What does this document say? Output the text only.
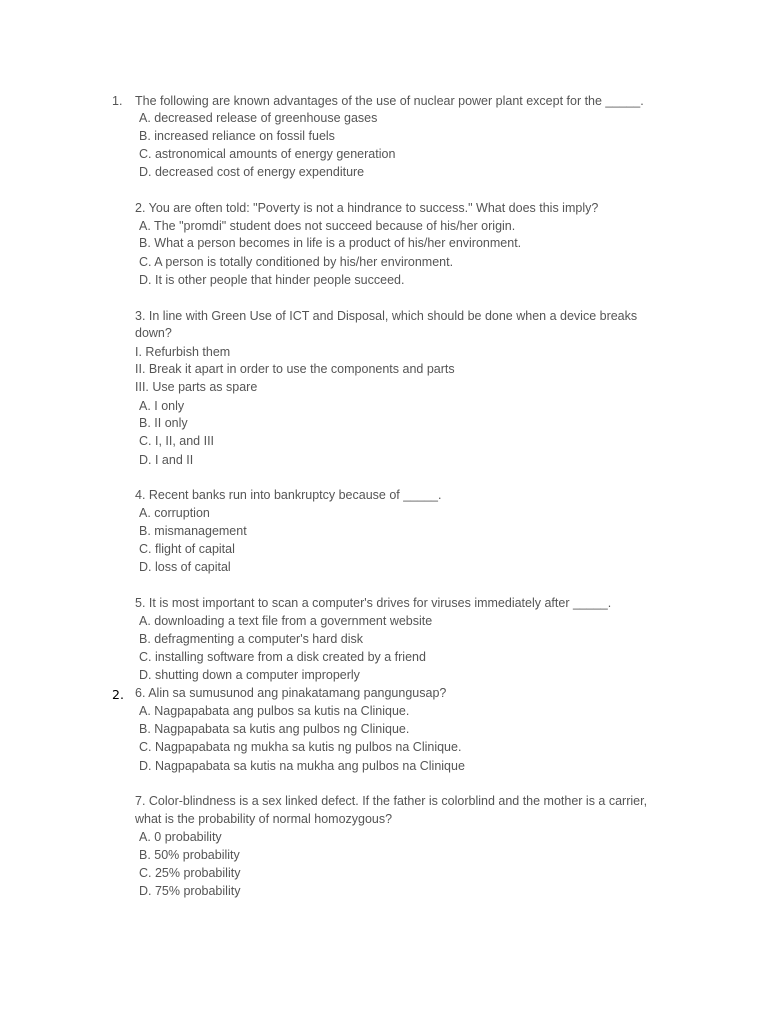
1.
2.
The following are known advantages of the use of nuclear power plant except for the _____.
A. decreased release of greenhouse gases
B. increased reliance on fossil fuels
C. astronomical amounts of energy generation
D. decreased cost of energy expenditure
2. You are often told: "Poverty is not a hindrance to success." What does this imply?
A. The "promdi" student does not succeed because of his/her origin.
B. What a person becomes in life is a product of his/her environment.
C. A person is totally conditioned by his/her environment.
D. It is other people that hinder people succeed.
3. In line with Green Use of ICT and Disposal, which should be done when a device breaks
down?
I. Refurbish them
II. Break it apart in order to use the components and parts
III. Use parts as spare
A. I only
B. II only
C. I, II, and III
D. I and II
4. Recent banks run into bankruptcy because of _____.
A. corruption
B. mismanagement
C. flight of capital
D. loss of capital
5. It is most important to scan a computer's drives for viruses immediately after _____.
A. downloading a text file from a government website
B. defragmenting a computer's hard disk
C. installing software from a disk created by a friend
D. shutting down a computer improperly
6. Alin sa sumusunod ang pinakatamang pangungusap?
A. Nagpapabata ang pulbos sa kutis na Clinique.
B. Nagpapabata sa kutis ang pulbos ng Clinique.
C. Nagpapabata ng mukha sa kutis ng pulbos na Clinique.
D. Nagpapabata sa kutis na mukha ang pulbos na Clinique
7. Color-blindness is a sex linked defect. If the father is colorblind and the mother is a carrier,
what is the probability of normal homozygous?
A. 0 probability
B. 50% probability
C. 25% probability
D. 75% probability
